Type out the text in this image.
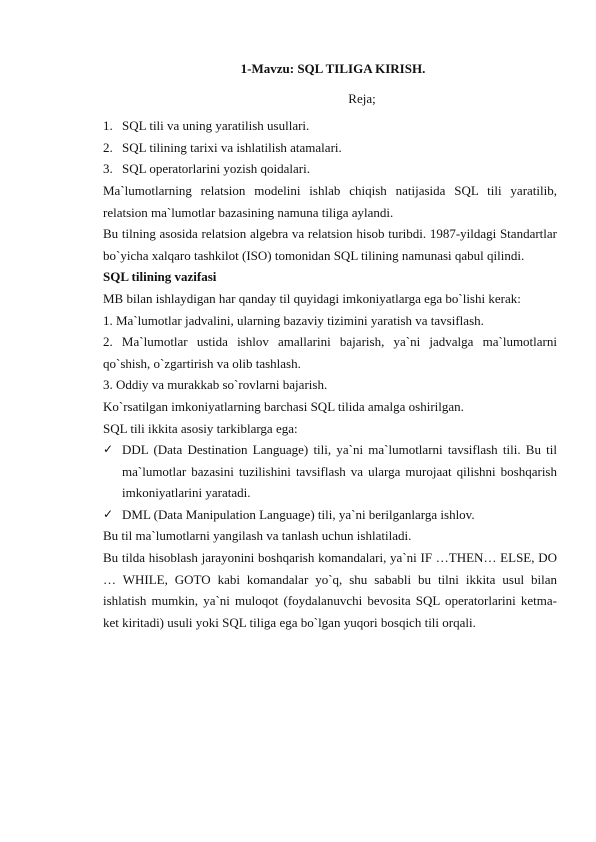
1-Mavzu: SQL TILIGA KIRISH.

Reja;

1. SQL tili va uning yaratilish usullari.

2. SQL tilining tarixi va ishlatilish atamalari.

3. SQL operatorlarini yozish qoidalari.

Ma`lumotlarning relatsion modelini ishlab chiqish natijasida SQL tili yaratilib, relatsion ma`lumotlar bazasining namuna tiliga aylandi.

Bu tilning asosida relatsion algebra va relatsion hisob turibdi. 1987-yildagi Standartlar bo`yicha xalqaro tashkilot (ISO) tomonidan SQL tilining namunasi qabul qilindi.

SQL tilining vazifasi

MB bilan ishlaydigan har qanday til quyidagi imkoniyatlarga ega bo`lishi kerak:

1. Ma`lumotlar jadvalini, ularning bazaviy tizimini yaratish va tavsiflash.

2. Ma`lumotlar ustida ishlov amallarini bajarish, ya`ni jadvalga ma`lumotlarni qo`shish, o`zgartirish va olib tashlash.

3. Oddiy va murakkab so`rovlarni bajarish.

Ko`rsatilgan imkoniyatlarning barchasi SQL tilida amalga oshirilgan.

SQL tili ikkita asosiy tarkiblarga ega:

✓ DDL (Data Destination Language) tili, ya`ni ma`lumotlarni tavsiflash tili. Bu til ma`lumotlar bazasini tuzilishini tavsiflash va ularga murojaat qilishni boshqarish imkoniyatlarini yaratadi.
✓ DML (Data Manipulation Language) tili, ya`ni berilganlarga ishlov.

Bu til ma`lumotlarni yangilash va tanlash uchun ishlatiladi.

Bu tilda hisoblash jarayonini boshqarish komandalari, ya`ni IF …THEN… ELSE, DO … WHILE, GOTO kabi komandalar yo`q, shu sababli bu tilni ikkita usul bilan ishlatish mumkin, ya`ni muloqot (foydalanuvchi bevosita SQL operatorlarini ketma-ket kiritadi) usuli yoki SQL tiliga ega bo`lgan yuqori bosqich tili orqali.
